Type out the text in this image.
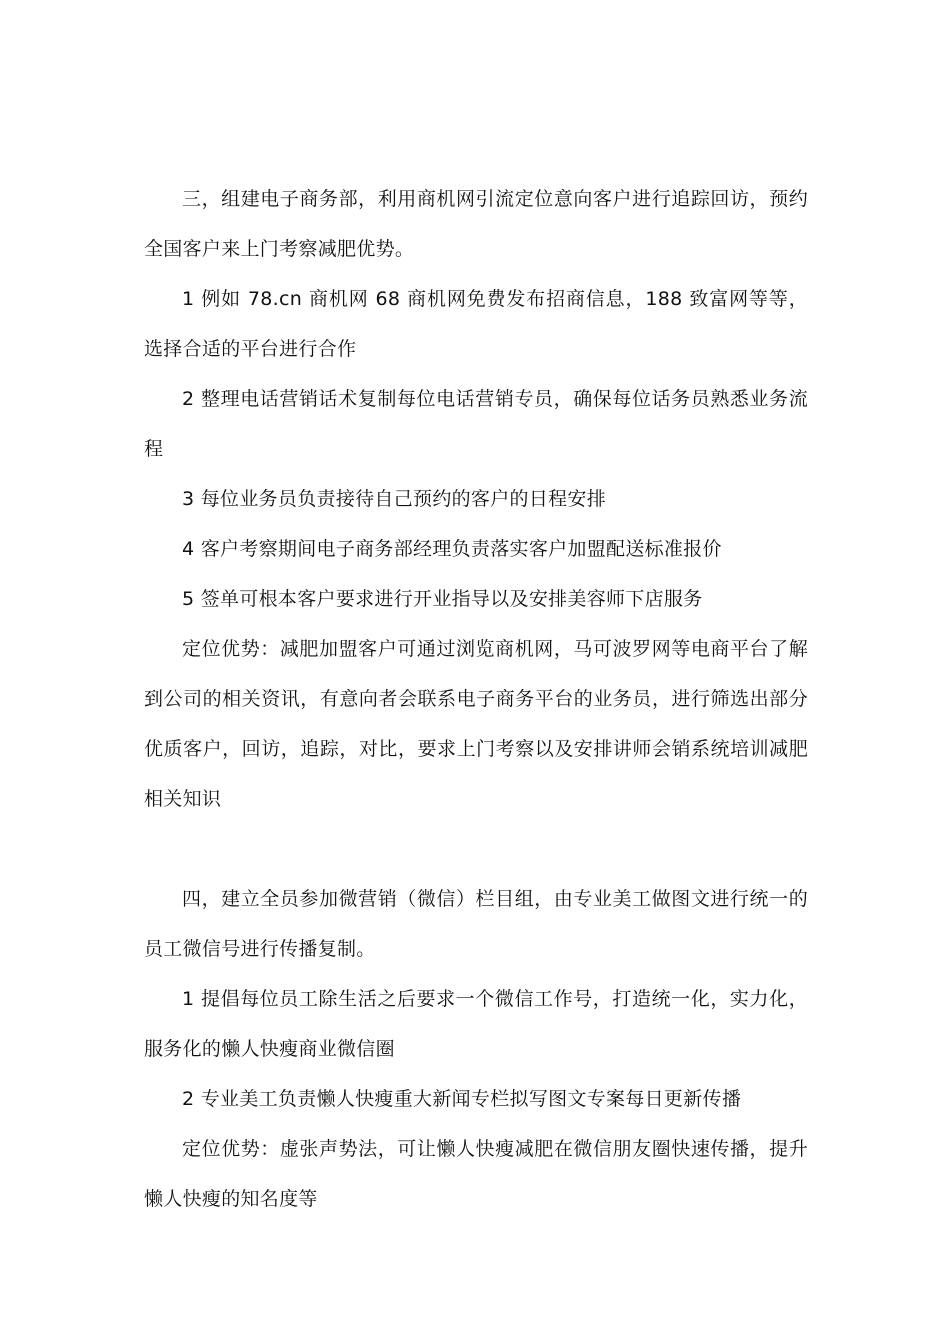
三，组建电子商务部，利用商机网引流定位意向客户进行追踪回访，预约全国客户来上门考察减肥优势。

1 例如 78.cn 商机网 68 商机网免费发布招商信息，188 致富网等等，选择合适的平台进行合作

2 整理电话营销话术复制每位电话营销专员，确保每位话务员熟悉业务流程

3 每位业务员负责接待自己预约的客户的日程安排

4 客户考察期间电子商务部经理负责落实客户加盟配送标准报价

5 签单可根本客户要求进行开业指导以及安排美容师下店服务

定位优势：减肥加盟客户可通过浏览商机网，马可波罗网等电商平台了解到公司的相关资讯，有意向者会联系电子商务平台的业务员，进行筛选出部分优质客户，回访，追踪，对比，要求上门考察以及安排讲师会销系统培训减肥相关知识

四，建立全员参加微营销（微信）栏目组，由专业美工做图文进行统一的员工微信号进行传播复制。

1 提倡每位员工除生活之后要求一个微信工作号，打造统一化，实力化，服务化的懒人快瘦商业微信圈

2 专业美工负责懒人快瘦重大新闻专栏拟写图文专案每日更新传播

定位优势：虚张声势法，可让懒人快瘦减肥在微信朋友圈快速传播，提升懒人快瘦的知名度等
